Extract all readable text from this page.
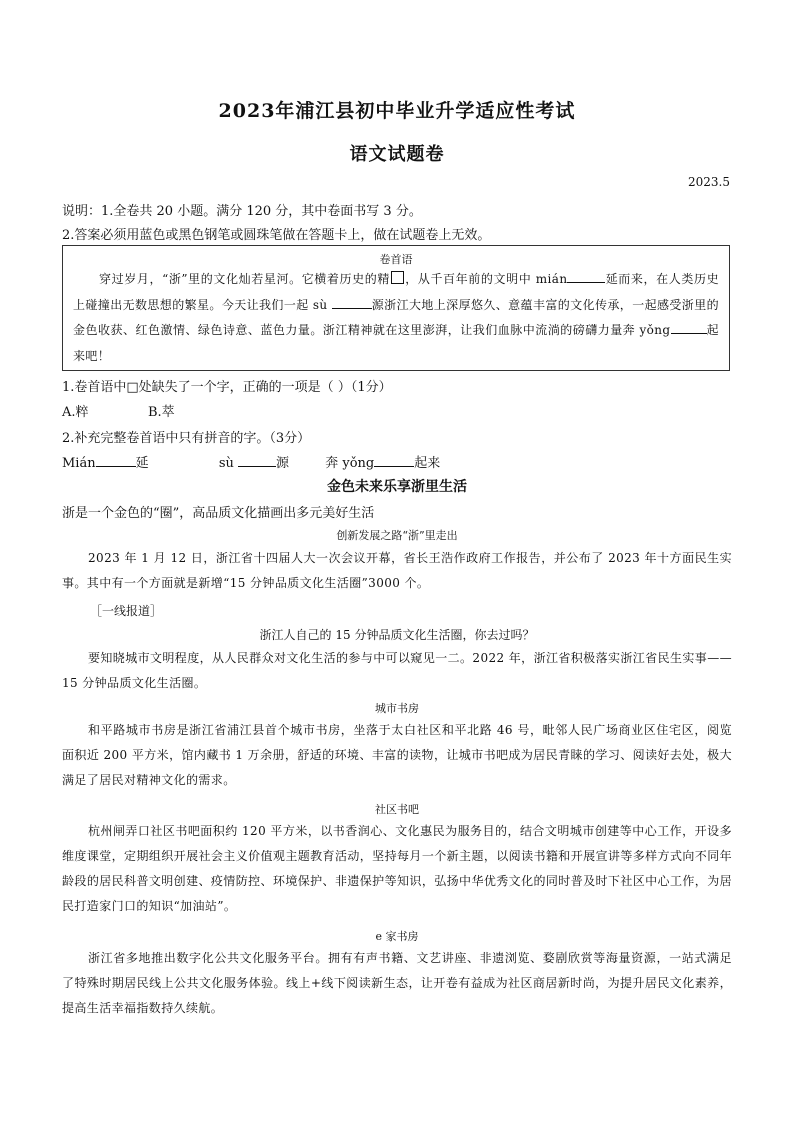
2023年浦江县初中毕业升学适应性考试
语文试题卷
2023.5
说明：1.全卷共 20 小题。满分 120 分，其中卷面书写 3 分。
2.答案必须用蓝色或黑色钢笔或圆珠笔做在答题卡上，做在试题卷上无效。
卷首语

穿过岁月，“浙”里的文化灿若星河。它横着历史的精 ，从千百年前的文明中 mián	延而来，在人类历史上碰撞出无数思想的繁星。今天让我们一起 sù	源浙江大地上深厚悠久、意蕴丰富的文化传承，一起感受浙里的金色收获、红色激情、绿色诗意、蓝色力量。浙江精神就在这里澎湃，让我们血脉中流淌的磅礴力量奔 yǒng	起来吧！

1.卷首语中□处缺失了一个字，正确的一项是（ ）（1分）
A.粹	B.萃
2.补充完整卷首语中只有拼音的字。（3分）
Mián	延	sù	源	奔 yǒng	起来
金色未来乐享浙里生活
浙是一个金色的“圈”，高品质文化描画出多元美好生活
创新发展之路“浙”里走出

2023 年 1 月 12 日，浙江省十四届人大一次会议开幕，省长王浩作政府工作报告，并公布了 2023 年十方面民生实事。其中有一个方面就是新增“15 分钟品质文化生活圈”3000 个。

［一线报道］
浙江人自己的 15 分钟品质文化生活圈，你去过吗？

要知晓城市文明程度，从人民群众对文化生活的参与中可以窥见一二。2022 年，浙江省积极落实浙江省民生实事——15 分钟品质文化生活圈。

城市书房

和平路城市书房是浙江省浦江县首个城市书房，坐落于太白社区和平北路 46 号，毗邻人民广场商业区住宅区，阅览面积近 200 平方米，馆内藏书 1 万余册，舒适的环境、丰富的读物，让城市书吧成为居民青睐的学习、阅读好去处，极大满足了居民对精神文化的需求。

社区书吧

杭州闸弄口社区书吧面积约 120 平方米，以书香润心、文化惠民为服务目的，结合文明城市创建等中心工作，开设多维度课堂，定期组织开展社会主义价值观主题教育活动，坚持每月一个新主题，以阅读书籍和开展宣讲等多样方式向不同年龄段的居民科普文明创建、疫情防控、环境保护、非遗保护等知识，弘扬中华优秀文化的同时普及时下社区中心工作，为居民打造家门口的知识“加油站”。

e 家书房

浙江省多地推出数字化公共文化服务平台。拥有有声书籍、文艺讲座、非遗浏览、婺剧欣赏等海量资源，一站式满足了特殊时期居民线上公共文化服务体验。线上+线下阅读新生态，让开卷有益成为社区商居新时尚，为提升居民文化素养，提高生活幸福指数持久续航。
